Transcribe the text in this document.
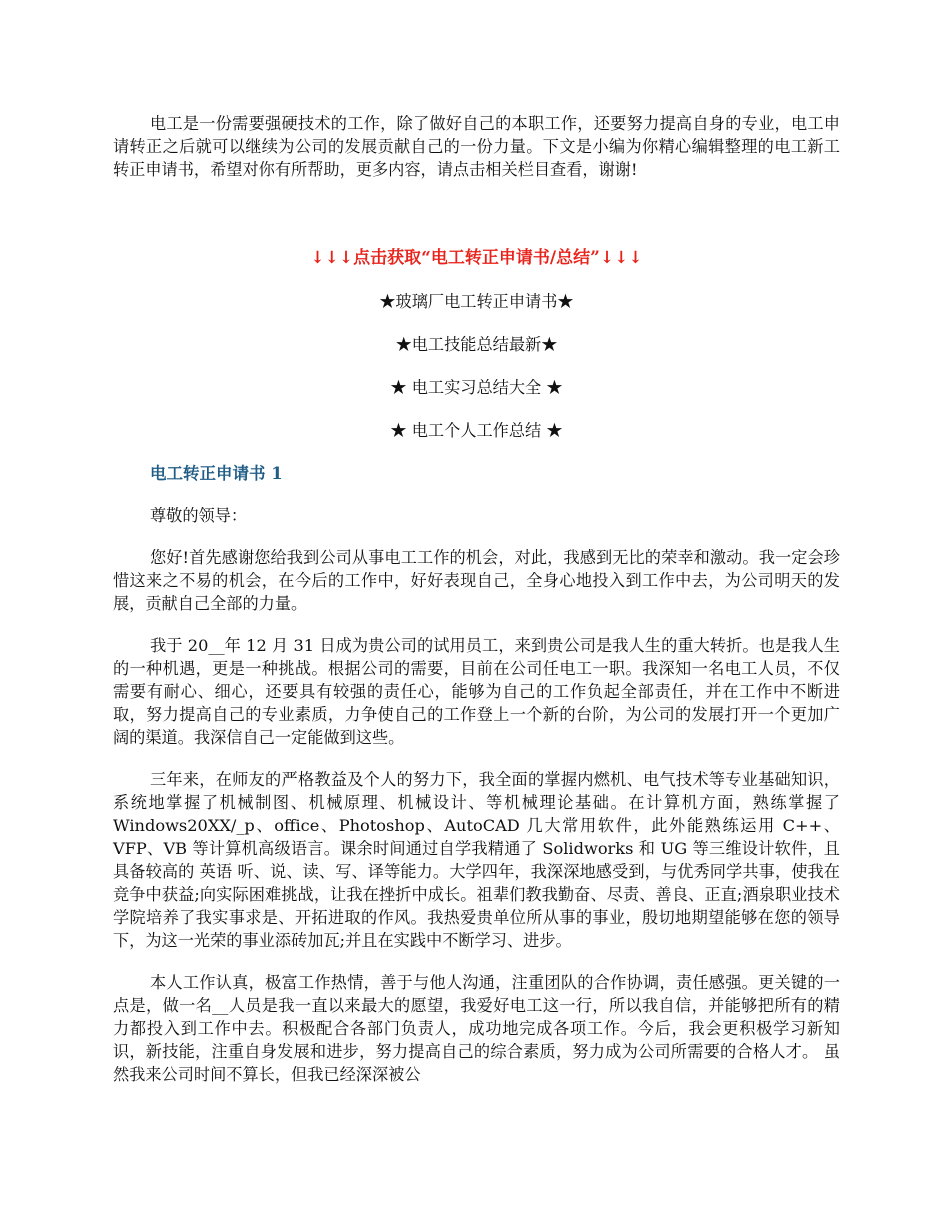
电工是一份需要强硬技术的工作，除了做好自己的本职工作，还要努力提高自身的专业，电工申请转正之后就可以继续为公司的发展贡献自己的一份力量。下文是小编为你精心编辑整理的电工新工转正申请书，希望对你有所帮助，更多内容，请点击相关栏目查看，谢谢!

↓↓↓点击获取“电工转正申请书/总结”↓↓↓

★玻璃厂电工转正申请书★

★电工技能总结最新★

★ 电工实习总结大全 ★

★ 电工个人工作总结 ★

电工转正申请书 1

尊敬的领导：

您好!首先感谢您给我到公司从事电工工作的机会，对此，我感到无比的荣幸和激动。我一定会珍惜这来之不易的机会，在今后的工作中，好好表现自己，全身心地投入到工作中去，为公司明天的发展，贡献自己全部的力量。

我于 20__年 12 月 31 日成为贵公司的试用员工，来到贵公司是我人生的重大转折。也是我人生的一种机遇，更是一种挑战。根据公司的需要，目前在公司任电工一职。我深知一名电工人员，不仅需要有耐心、细心，还要具有较强的责任心，能够为自己的工作负起全部责任，并在工作中不断进取，努力提高自己的专业素质，力争使自己的工作登上一个新的台阶，为公司的发展打开一个更加广阔的渠道。我深信自己一定能做到这些。

三年来，在师友的严格教益及个人的努力下，我全面的掌握内燃机、电气技术等专业基础知识，系统地掌握了机械制图、机械原理、机械设计、等机械理论基础。在计算机方面，熟练掌握了 Windows20XX/_p、office、Photoshop、AutoCAD 几大常用软件，此外能熟练运用 C++、VFP、VB 等计算机高级语言。课余时间通过自学我精通了 Solidworks 和 UG 等三维设计软件，且具备较高的 英语 听、说、读、写、译等能力。大学四年，我深深地感受到，与优秀同学共事，使我在竞争中获益;向实际困难挑战，让我在挫折中成长。祖辈们教我勤奋、尽责、善良、正直;酒泉职业技术学院培养了我实事求是、开拓进取的作风。我热爱贵单位所从事的事业，殷切地期望能够在您的领导下，为这一光荣的事业添砖加瓦;并且在实践中不断学习、进步。

本人工作认真，极富工作热情，善于与他人沟通，注重团队的合作协调，责任感强。更关键的一点是，做一名__人员是我一直以来最大的愿望，我爱好电工这一行，所以我自信，并能够把所有的精力都投入到工作中去。积极配合各部门负责人，成功地完成各项工作。今后，我会更积极学习新知识，新技能，注重自身发展和进步，努力提高自己的综合素质，努力成为公司所需要的合格人才。 虽然我来公司时间不算长，但我已经深深被公
